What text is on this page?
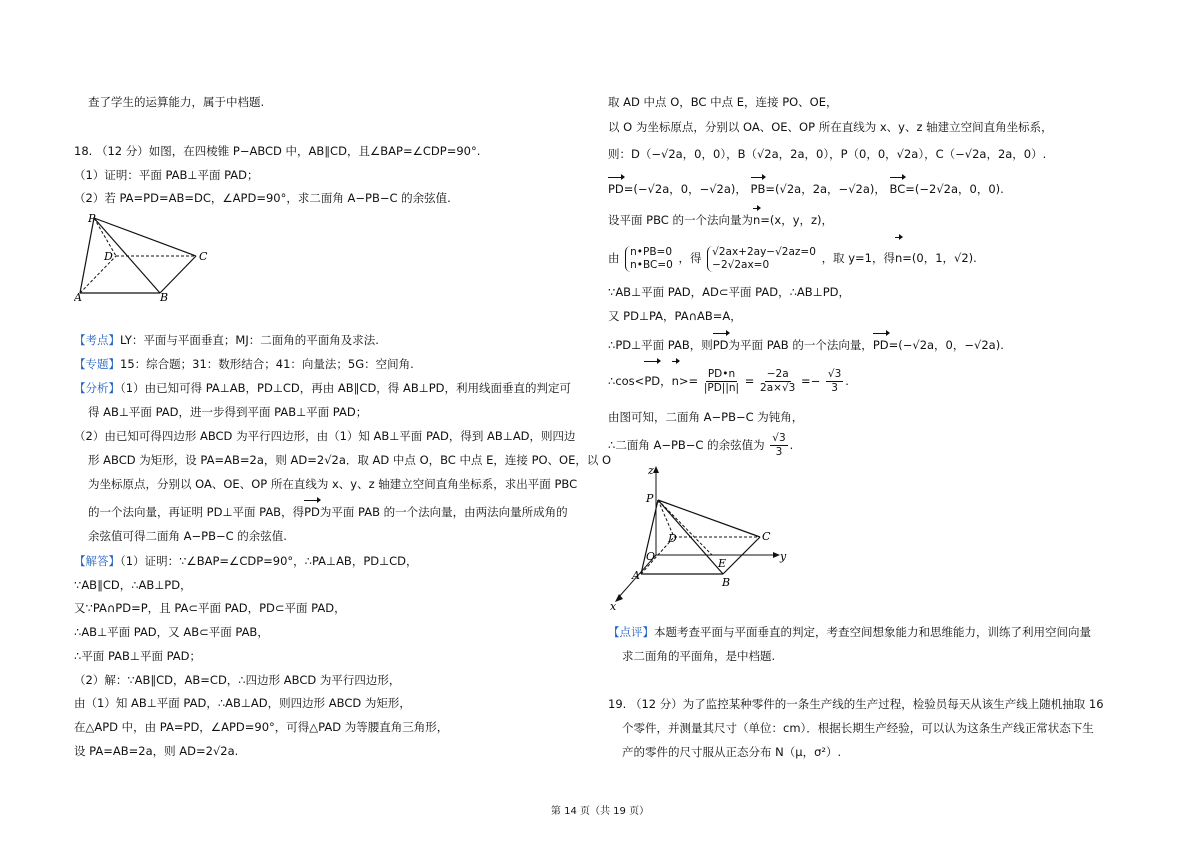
查了学生的运算能力，属于中档题.
18. （12 分）如图，在四棱锥 P−ABCD 中，AB∥CD，且∠BAP=∠CDP=90°.
（1）证明：平面 PAB⊥平面 PAD；
（2）若 PA=PD=AB=DC，∠APD=90°，求二面角 A−PB−C 的余弦值.
P
D	C
A	B
【考点】LY：平面与平面垂直；MJ：二面角的平面角及求法.
【专题】15：综合题；31：数形结合；41：向量法；5G：空间角.
【分析】（1）由已知可得 PA⊥AB，PD⊥CD，再由 AB∥CD，得 AB⊥PD，利用线面垂直的判定可
得 AB⊥平面 PAD，进一步得到平面 PAB⊥平面 PAD；
（2）由已知可得四边形 ABCD 为平行四边形，由（1）知 AB⊥平面 PAD，得到 AB⊥AD，则四边
形 ABCD 为矩形，设 PA=AB=2a，则 AD=2√2a．取 AD 中点 O，BC 中点 E，连接 PO、OE，以 O
为坐标原点，分别以 OA、OE、OP 所在直线为 x、y、z 轴建立空间直角坐标系，求出平面 PBC
的一个法向量，再证明 PD⊥平面 PAB，得PD为平面 PAB 的一个法向量，由两法向量所成角的
余弦值可得二面角 A−PB−C 的余弦值.
【解答】（1）证明：∵∠BAP=∠CDP=90°，∴PA⊥AB，PD⊥CD，
∵AB∥CD，∴AB⊥PD，
又∵PA∩PD=P，且 PA⊂平面 PAD，PD⊂平面 PAD，
∴AB⊥平面 PAD，又 AB⊂平面 PAB，
∴平面 PAB⊥平面 PAD；
（2）解：∵AB∥CD，AB=CD，∴四边形 ABCD 为平行四边形，
由（1）知 AB⊥平面 PAD，∴AB⊥AD，则四边形 ABCD 为矩形，
在△APD 中，由 PA=PD，∠APD=90°，可得△PAD 为等腰直角三角形，
设 PA=AB=2a，则 AD=2√2a.
取 AD 中点 O，BC 中点 E，连接 PO、OE，
以 O 为坐标原点，分别以 OA、OE、OP 所在直线为 x、y、z 轴建立空间直角坐标系，
则：D（−√2a，0，0），B（√2a，2a，0），P（0，0，√2a），C（−√2a，2a，0）.
PD=(−√2a，0，−√2a)， PB=(√2a，2a，−√2a)， BC=(−2√2a，0，0).
设平面 PBC 的一个法向量为n=(x，y，z)，
由 n•PB=0
n•BC=0 ，得 √2ax+2ay−√2az=0
−2√2ax=0	，取 y=1，得n=(0，1，√2).
∵AB⊥平面 PAD，AD⊂平面 PAD，∴AB⊥PD，
又 PD⊥PA，PA∩AB=A，
∴PD⊥平面 PAB，则PD为平面 PAB 的一个法向量，PD=(−√2a，0，−√2a).
∴cos<PD，$n>= \frac{PD•n}{|PD||n|} = \frac{-2a}{2a\times√3} =- \frac{√3}{3}$ .
由图可知，二面角 A−PB−C 为钝角，
∴二面角 A−PB−C 的余弦值为 $\frac{√3}{3}$ .
z
P
D	C
O	y
E
A
B
x
【点评】本题考查平面与平面垂直的判定，考查空间想象能力和思维能力，训练了利用空间向量
求二面角的平面角，是中档题.
19. （12 分）为了监控某种零件的一条生产线的生产过程，检验员每天从该生产线上随机抽取 16
个零件，并测量其尺寸（单位：cm）．根据长期生产经验，可以认为这条生产线正常状态下生
产的零件的尺寸服从正态分布 N（μ，σ²）.
第 14 页（共 19 页）
